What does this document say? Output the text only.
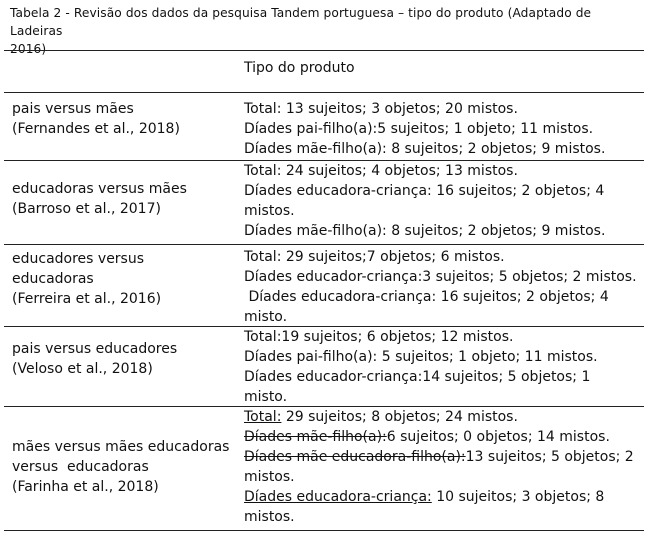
Tabela 2 - Revisão dos dados da pesquisa Tandem portuguesa – tipo do produto (Adaptado de Ladeiras
2016)
Tipo do produto
pais versus mães
(Fernandes et al., 2018)
Total: 13 sujeitos; 3 objetos; 20 mistos.
Díades pai-filho(a):5 sujeitos; 1 objeto; 11 mistos.
Díades mãe-filho(a): 8 sujeitos; 2 objetos; 9 mistos.
educadoras versus mães
(Barroso et al., 2017)
Total: 24 sujeitos; 4 objetos; 13 mistos.
Díades educadora-criança: 16 sujeitos; 2 objetos; 4
mistos.
Díades mãe-filho(a): 8 sujeitos; 2 objetos; 9 mistos.
educadores versus
educadoras
(Ferreira et al., 2016)
Total: 29 sujeitos;7 objetos; 6 mistos.
Díades educador-criança:3 sujeitos; 5 objetos; 2 mistos.
Díades educadora-criança: 16 sujeitos; 2 objetos; 4
misto.
pais versus educadores
(Veloso et al., 2018)
Total:19 sujeitos; 6 objetos; 12 mistos.
Díades pai-filho(a): 5 sujeitos; 1 objeto; 11 mistos.
Díades educador-criança:14 sujeitos; 5 objetos; 1
misto.
mães versus mães educadoras
versus  educadoras
(Farinha et al., 2018)
Total: 29 sujeitos; 8 objetos; 24 mistos.
Díades mãe-filho(a):6 sujeitos; 0 objetos; 14 mistos.
Díades mãe educadora-filho(a):13 sujeitos; 5 objetos; 2
mistos.
Díades educadora-criança: 10 sujeitos; 3 objetos; 8
mistos.
